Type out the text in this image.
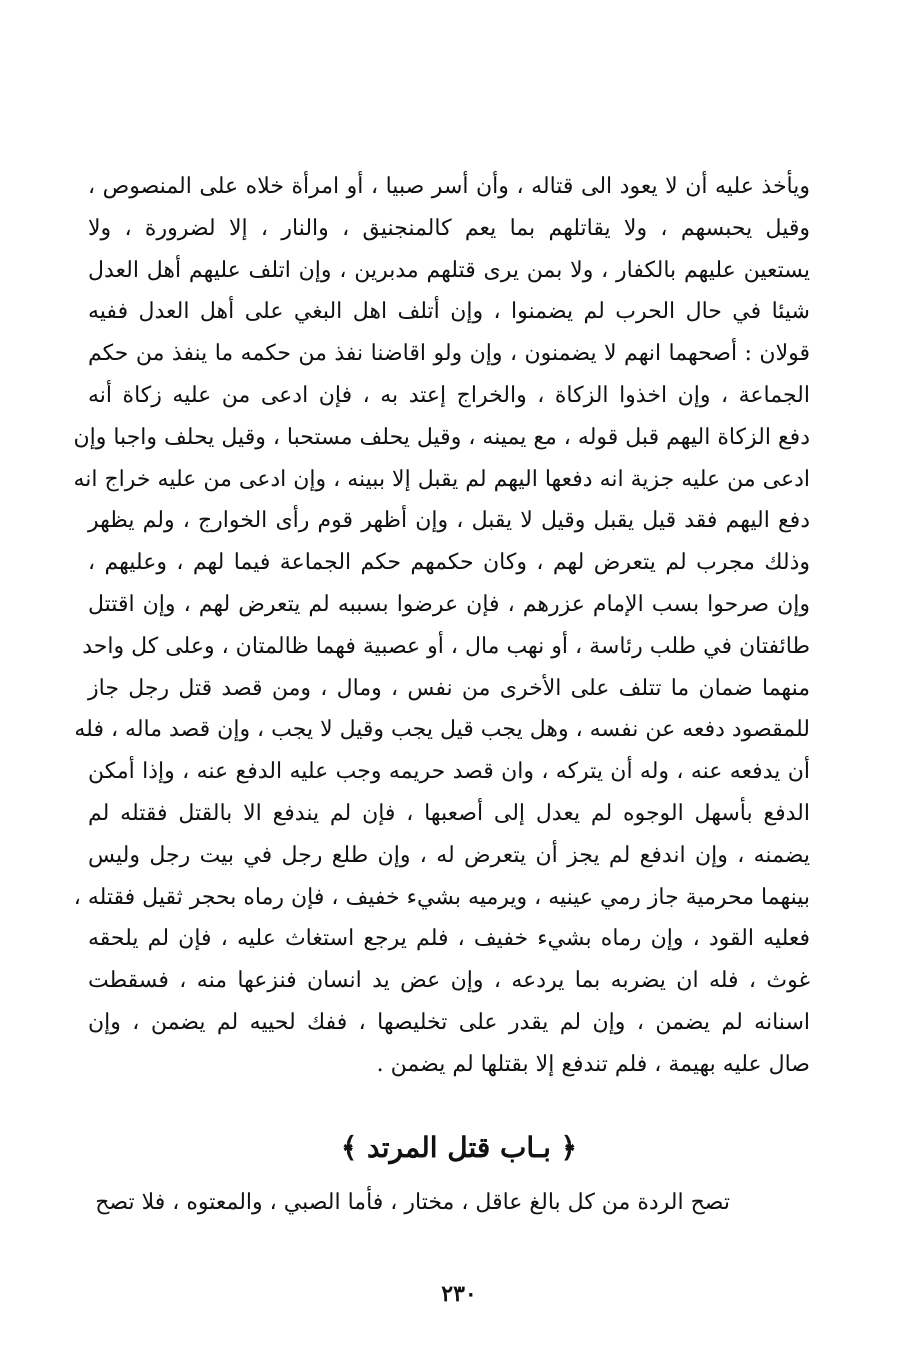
ويأخذ عليه أن لا يعود الى قتاله ، وأن أسر صبيا ، أو امرأة خلاه على المنصوص ،
وقيل يحبسهم ، ولا يقاتلهم بما يعم كالمنجنيق ، والنار ، إلا لضرورة ، ولا
يستعين عليهم بالكفار ، ولا بمن يرى قتلهم مدبرين ، وإن اتلف عليهم أهل العدل
شيئا في حال الحرب لم يضمنوا ، وإن أتلف اهل البغي على أهل العدل ففيه
قولان : أصحهما انهم لا يضمنون ، وإن ولو اقاضنا نفذ من حكمه ما ينفذ من حكم
الجماعة ، وإن اخذوا الزكاة ، والخراج إعتد به ، فإن ادعى من عليه زكاة أنه
دفع الزكاة اليهم قبل قوله ، مع يمينه ، وقيل يحلف مستحبا ، وقيل يحلف واجبا وإن
ادعى من عليه جزية انه دفعها اليهم لم يقبل إلا ببينه ، وإن ادعى من عليه خراج انه
دفع اليهم فقد قيل يقبل وقيل لا يقبل ، وإن أظهر قوم رأى الخوارج ، ولم يظهر
وذلك مجرب لم يتعرض لهم ، وكان حكمهم حكم الجماعة فيما لهم ، وعليهم ،
وإن صرحوا بسب الإمام عزرهم ، فإن عرضوا بسببه لم يتعرض لهم ، وإن اقتتل
طائفتان في طلب رئاسة ، أو نهب مال ، أو عصبية فهما ظالمتان ، وعلى كل واحد
منهما ضمان ما تتلف على الأخرى من نفس ، ومال ، ومن قصد قتل رجل جاز
للمقصود دفعه عن نفسه ، وهل يجب قيل يجب وقيل لا يجب ، وإن قصد ماله ، فله
أن يدفعه عنه ، وله أن يتركه ، وان قصد حريمه وجب عليه الدفع عنه ، وإذا أمكن
الدفع بأسهل الوجوه لم يعدل إلى أصعبها ، فإن لم يندفع الا بالقتل فقتله لم
يضمنه ، وإن اندفع لم يجز أن يتعرض له ، وإن طلع رجل في بيت رجل وليس
بينهما محرمية جاز رمي عينيه ، ويرميه بشيء خفيف ، فإن رماه بحجر ثقيل فقتله ،
فعليه القود ، وإن رماه بشيء خفيف ، فلم يرجع استغاث عليه ، فإن لم يلحقه
غوث ، فله ان يضربه بما يردعه ، وإن عض يد انسان فنزعها منه ، فسقطت
اسنانه لم يضمن ، وإن لم يقدر على تخليصها ، ففك لحييه لم يضمن ، وإن
صال عليه بهيمة ، فلم تندفع إلا بقتلها لم يضمن .
﴿ بـاب قتل المرتد ﴾
تصح الردة من كل بالغ عاقل ، مختار ، فأما الصبي ، والمعتوه ، فلا تصح
٢٣٠
